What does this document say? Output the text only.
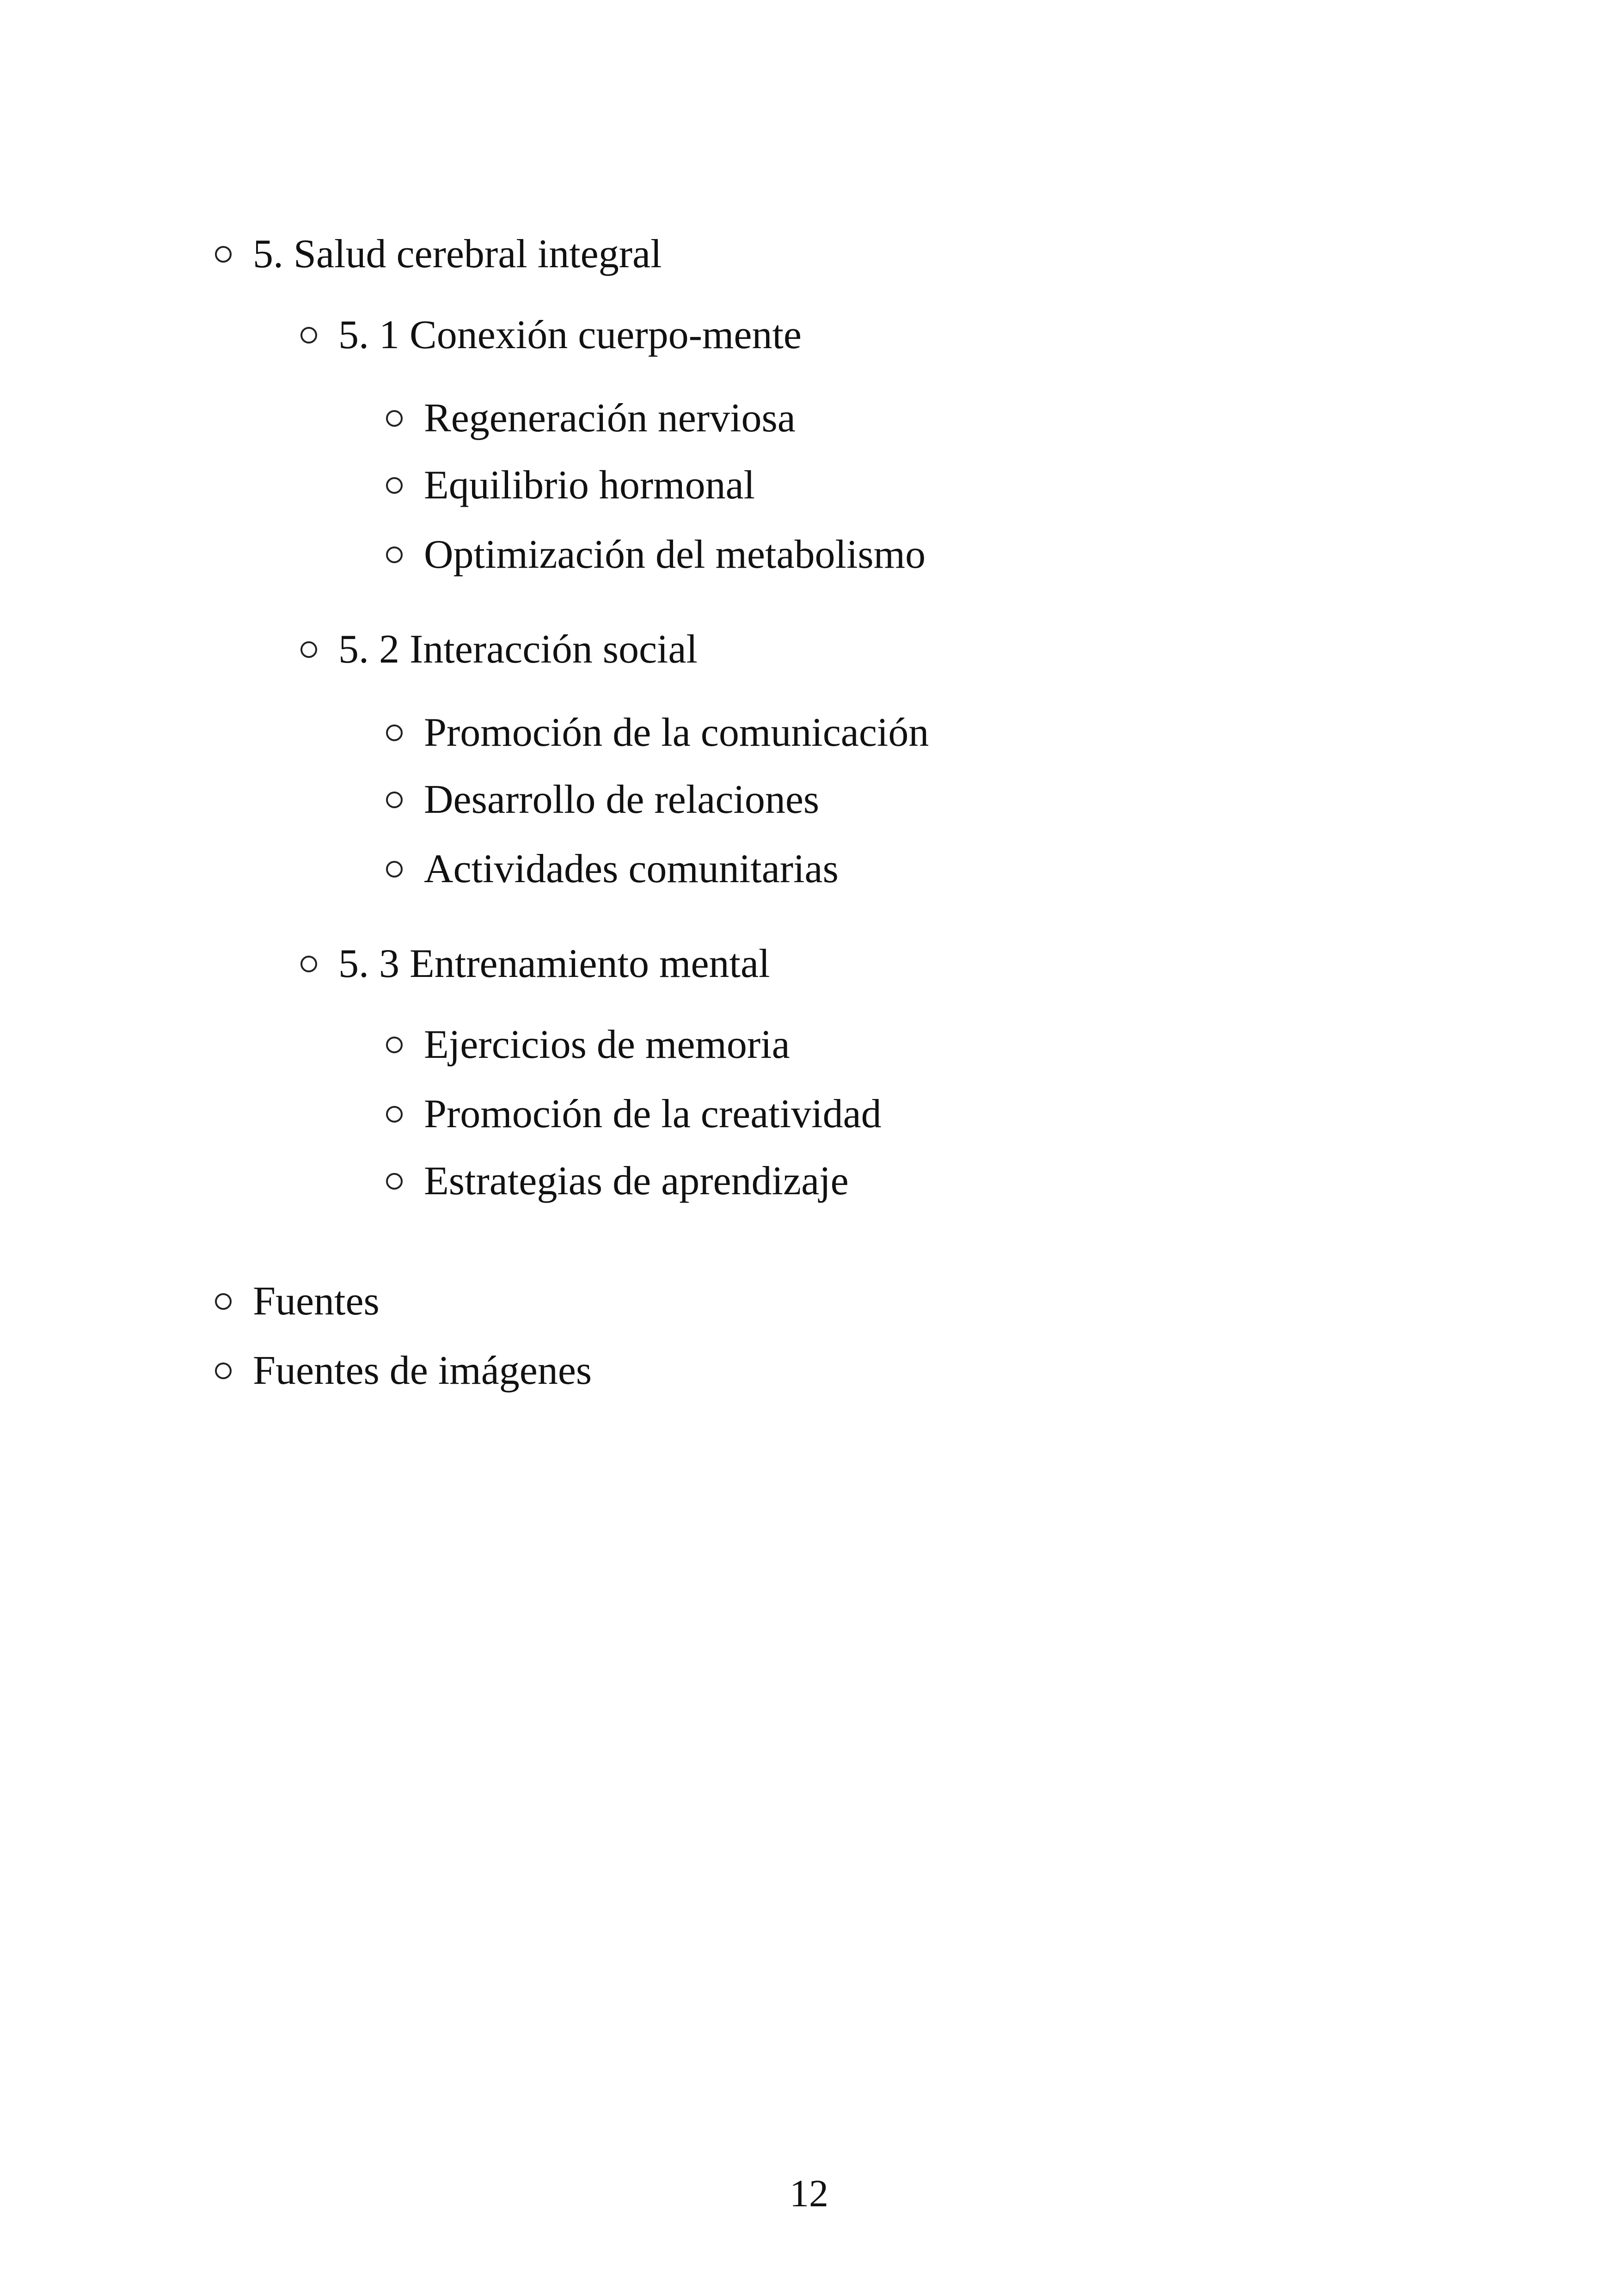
5. Salud cerebral integral
5. 1 Conexión cuerpo-mente
Regeneración nerviosa
Equilibrio hormonal
Optimización del metabolismo
5. 2 Interacción social
Promoción de la comunicación
Desarrollo de relaciones
Actividades comunitarias
5. 3 Entrenamiento mental
Ejercicios de memoria
Promoción de la creatividad
Estrategias de aprendizaje
Fuentes
Fuentes de imágenes
12
